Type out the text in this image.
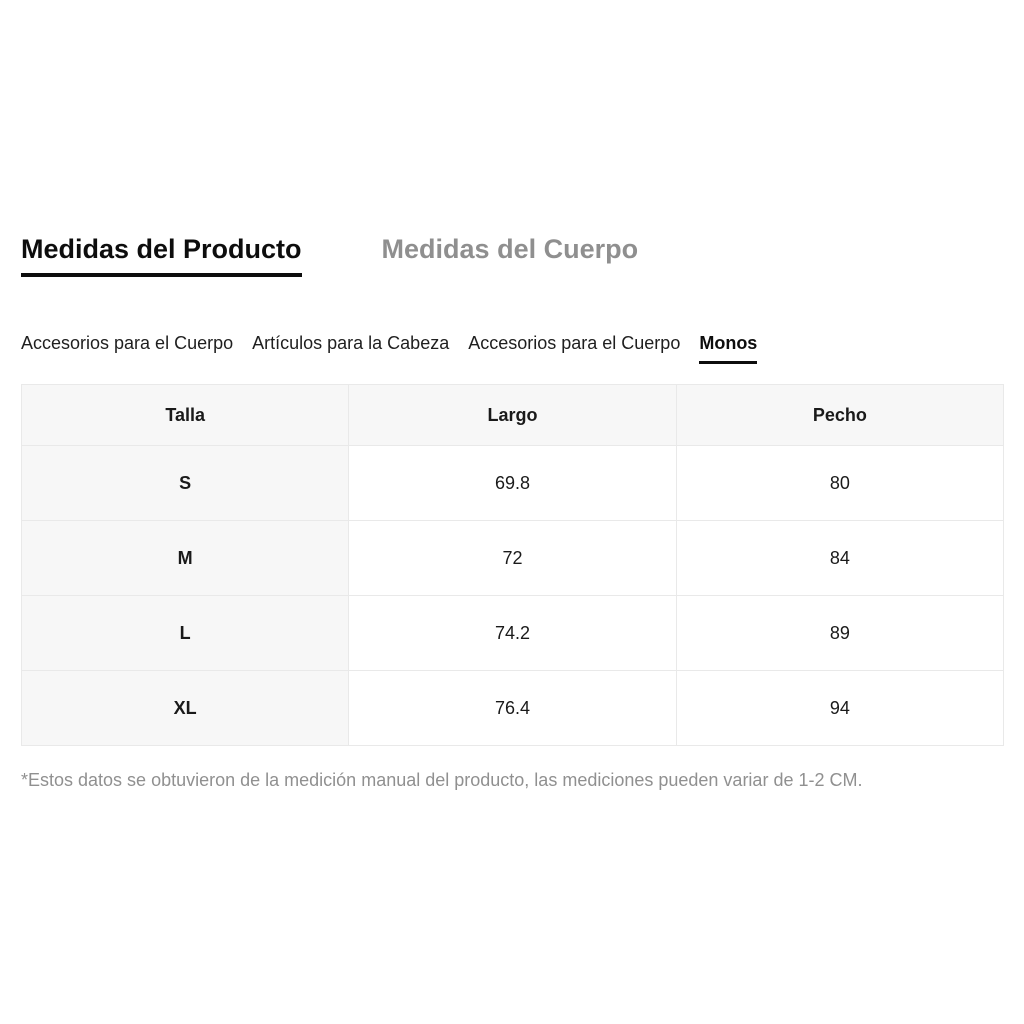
Medidas del Producto	Medidas del Cuerpo
Accesorios para el Cuerpo Artículos para la Cabeza Accesorios para el Cuerpo Monos
Talla	Largo	Pecho
S	69.8	80
M	72	84
L	74.2	89
XL	76.4	94
*Estos datos se obtuvieron de la medición manual del producto, las mediciones pueden variar de 1-2 CM.
